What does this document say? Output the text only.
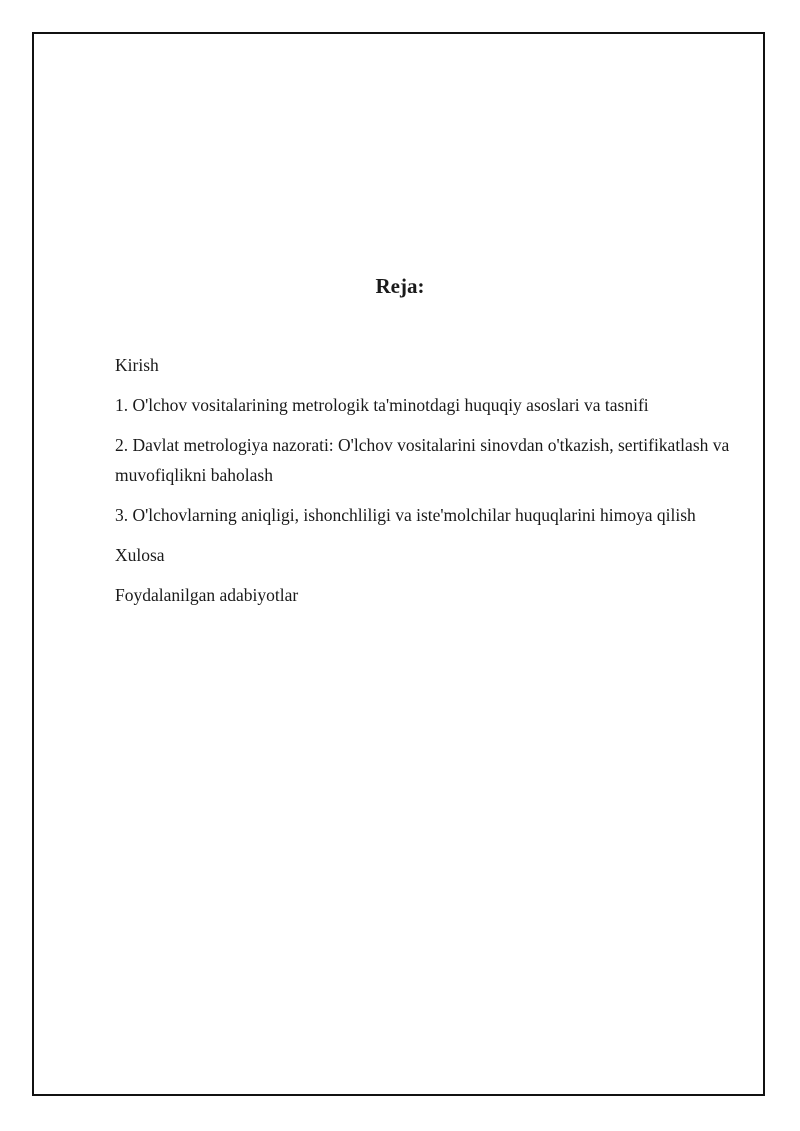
Reja:
Kirish
1. O'lchov vositalarining metrologik ta'minotdagi huquqiy asoslari va tasnifi
2. Davlat metrologiya nazorati: O'lchov vositalarini sinovdan o'tkazish, sertifikatlash va muvofiqlikni baholash
3. O'lchovlarning aniqligi, ishonchliligi va iste'molchilar huquqlarini himoya qilish
Xulosa
Foydalanilgan adabiyotlar
